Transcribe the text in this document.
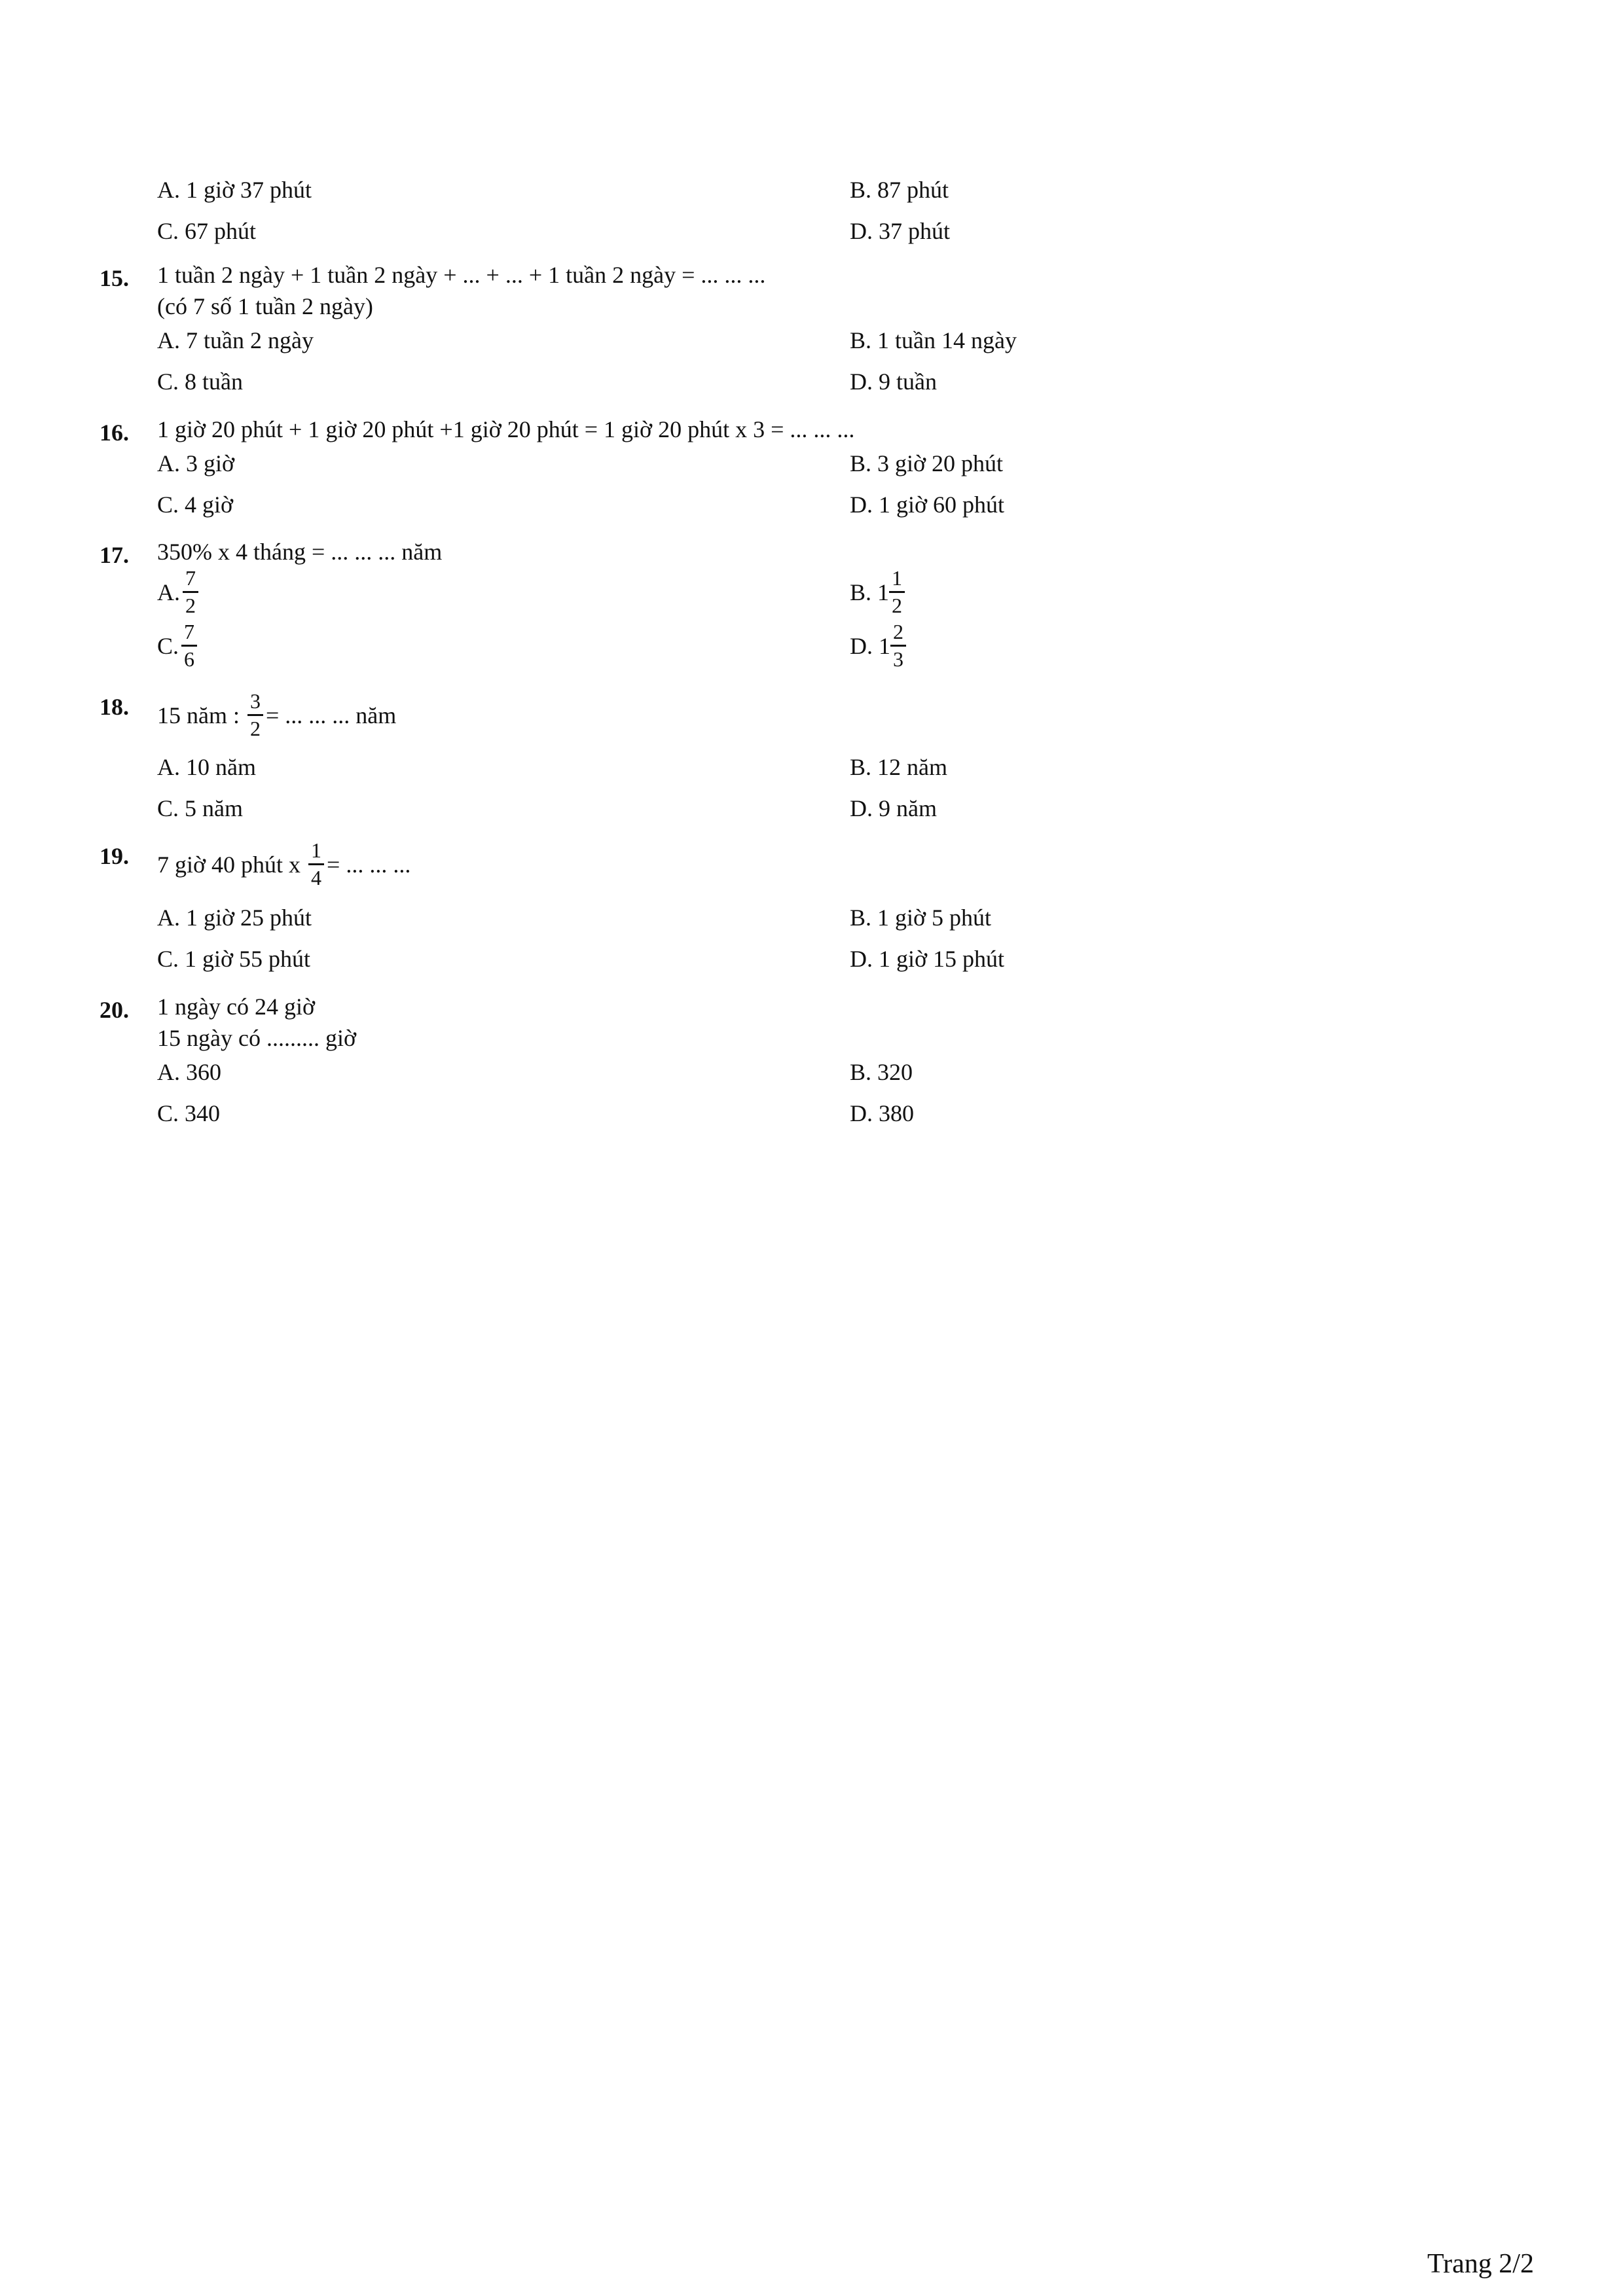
A. 1 giờ 37 phút	B. 87 phút
C. 67 phút	D. 37 phút
15. 1 tuần 2 ngày + 1 tuần 2 ngày + ... + ... + 1 tuần 2 ngày = ... ... ...
(có 7 số 1 tuần 2 ngày)
A. 7 tuần 2 ngày	B. 1 tuần 14 ngày
C. 8 tuần	D. 9 tuần
16. 1 giờ 20 phút + 1 giờ 20 phút +1 giờ 20 phút = 1 giờ 20 phút x 3 = ... ... ...
A. 3 giờ	B. 3 giờ 20 phút
C. 4 giờ	D. 1 giờ 60 phút
17. 350% x 4 tháng = ... ... ... năm
A. $\frac{7}{2}$	B. $1 \frac{1}{2}$
C. $\frac{7}{6}$	D. $1 \frac{2}{3}$
18. 15 năm : $\frac{3}{2}$ = ... ... ... năm
A. 10 năm	B. 12 năm
C. 5 năm	D. 9 năm
19. 7 giờ 40 phút x $\frac{1}{4}$ = ... ... ...
A. 1 giờ 25 phút	B. 1 giờ 5 phút
C. 1 giờ 55 phút	D. 1 giờ 15 phút
20. 1 ngày có 24 giờ
15 ngày có ......... giờ
A. 360	B. 320
C. 340	D. 380
Trang 2/2
